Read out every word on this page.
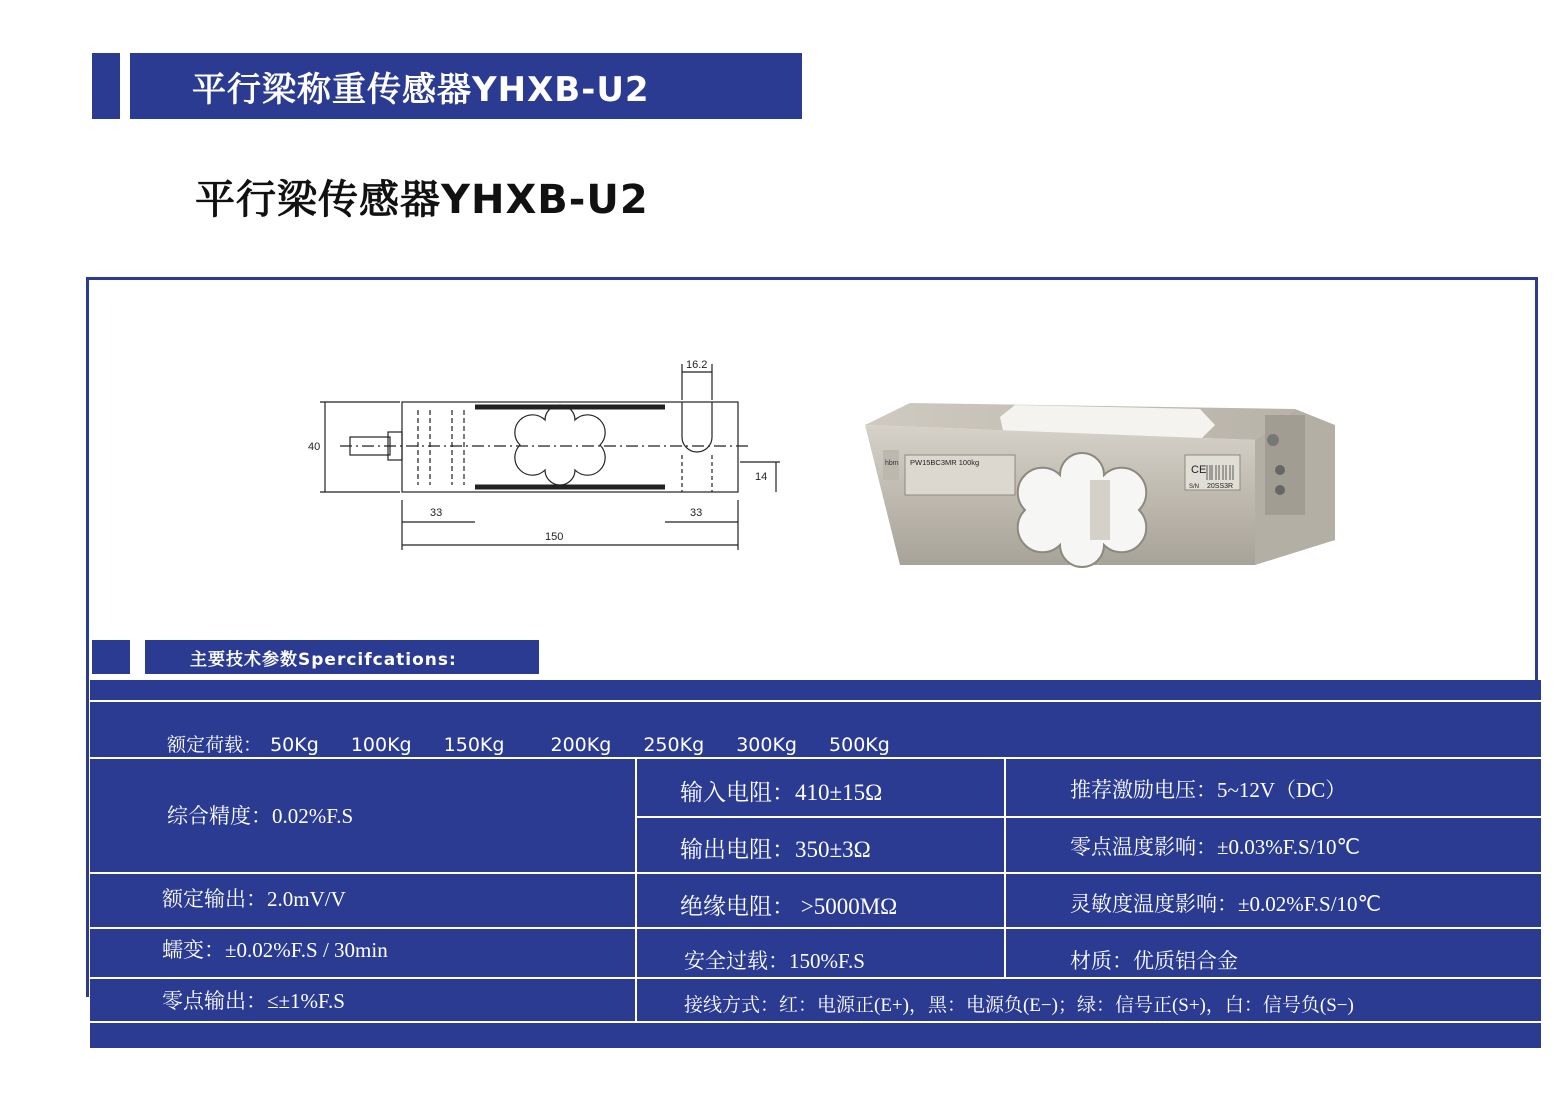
平行梁称重传感器YHXB-U2
平行梁传感器YHXB-U2
16.2
40
14
33	33
150
hbm PW15BC3MR 100kg
CE
S/N 20SS3R
主要技术参数Spercifcations:
额定荷载： 50Kg 100Kg 150Kg 200Kg 250Kg 300Kg 500Kg
综合精度：0.02%F.S
输入电阻：410±15Ω	推荐激励电压：5~12V（DC）
输出电阻：350±3Ω	零点温度影响：±0.03%F.S/10℃
额定输出：2.0mV/V	绝缘电阻： >5000MΩ	灵敏度温度影响：±0.02%F.S/10℃
蠕变：±0.02%F.S / 30min	安全过载：150%F.S	材质：优质铝合金
零点输出：≤±1%F.S	接线方式：红：电源正(E+)，黑：电源负(E−)；绿：信号正(S+)，白：信号负(S−)
